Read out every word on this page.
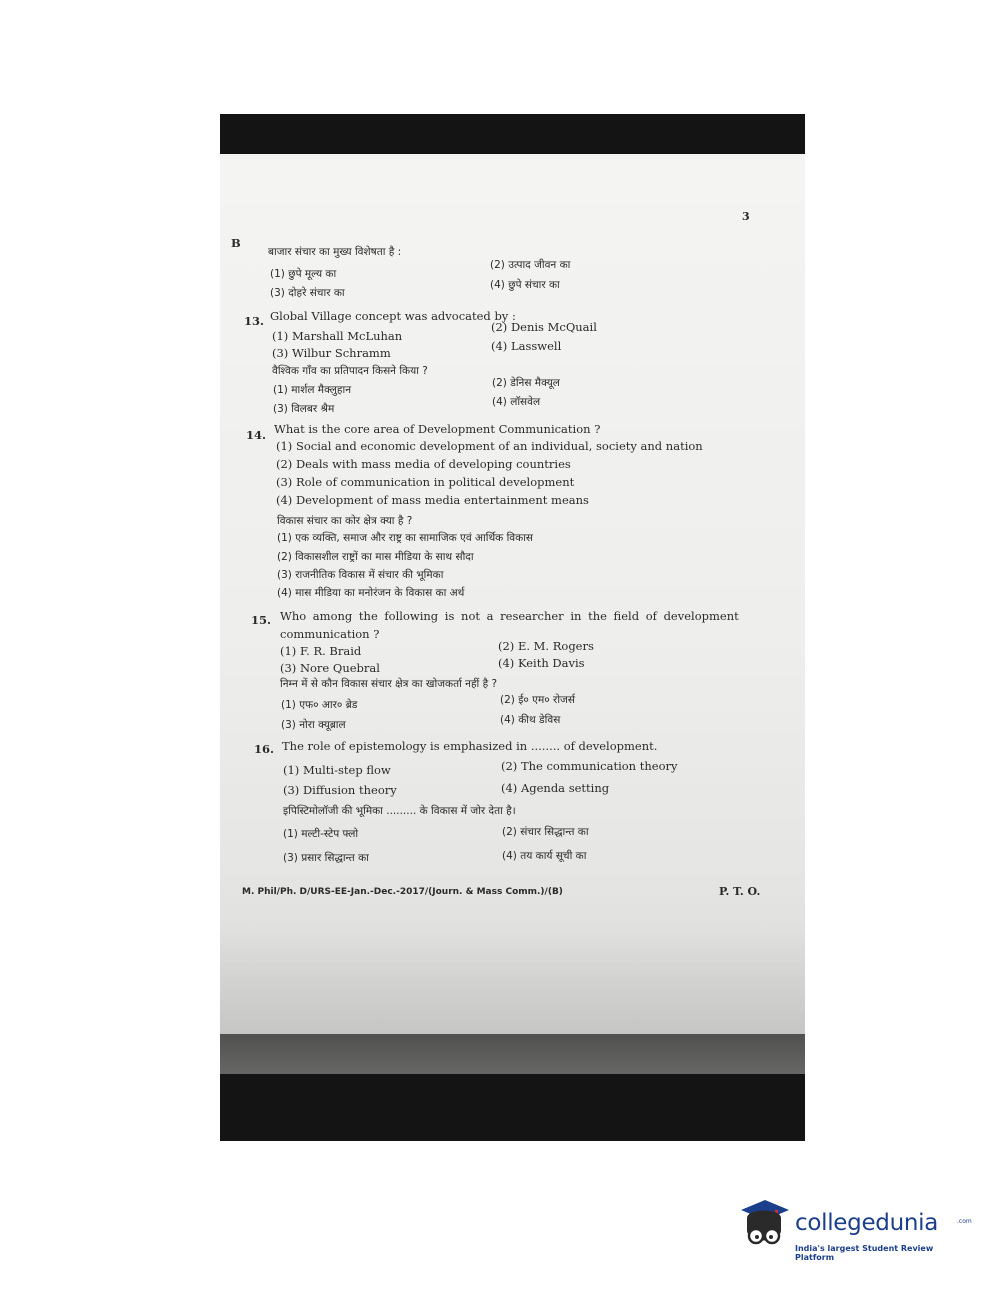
3
B
बाजार संचार का मुख्य विशेषता है :
(1) छुपे मूल्य का
(2) उत्पाद जीवन का
(3) दोहरे संचार का
(4) छुपे संचार का
13. Global Village concept was advocated by :
(1) Marshall McLuhan
(2) Denis McQuail
(3) Wilbur Schramm	(4) Lasswell
वैश्विक गाँव का प्रतिपादन किसने किया ?
(1) मार्शल मैक्लुहान
(2) डेनिस मैक्यूल
(3) विलबर श्रैम
(4) लॉसवेल
14. What is the core area of Development Communication ?
(1) Social and economic development of an individual, society and nation
(2) Deals with mass media of developing countries
(3) Role of communication in political development
(4) Development of mass media entertainment means
विकास संचार का कोर क्षेत्र क्या है ?
(1) एक व्यक्ति, समाज और राष्ट्र का सामाजिक एवं आर्थिक विकास
(2) विकासशील राष्ट्रों का मास मीडिया के साथ सौदा
(3) राजनीतिक विकास में संचार की भूमिका
(4) मास मीडिया का मनोरंजन के विकास का अर्थ
15. Who among the following is not a researcher in the field of development
communication ?
(1) F. R. Braid	(2) E. M. Rogers
(3) Nore Quebral	(4) Keith Davis
निम्न में से कौन विकास संचार क्षेत्र का खोजकर्ता नहीं है ?
(1) एफ० आर० ब्रेड	(2) ई० एम० रोजर्स
(3) नोरा क्यूब्राल	(4) कीथ डेविस
16. The role of epistemology is emphasized in ........ of development.
(1) Multi-step flow	(2) The communication theory
(3) Diffusion theory	(4) Agenda setting
इपिस्टिमोलॉजी की भूमिका ......... के विकास में जोर देता है।
(1) मल्टी-स्टेप फ्लो	(2) संचार सिद्धान्त का
(3) प्रसार सिद्धान्त का	(4) तय कार्य सूची का
M. Phil/Ph. D/URS-EE-Jan.-Dec.-2017/(Journ. & Mass Comm.)/(B)	P. T. O.
collegedunia	.com
India's largest Student Review Platform
